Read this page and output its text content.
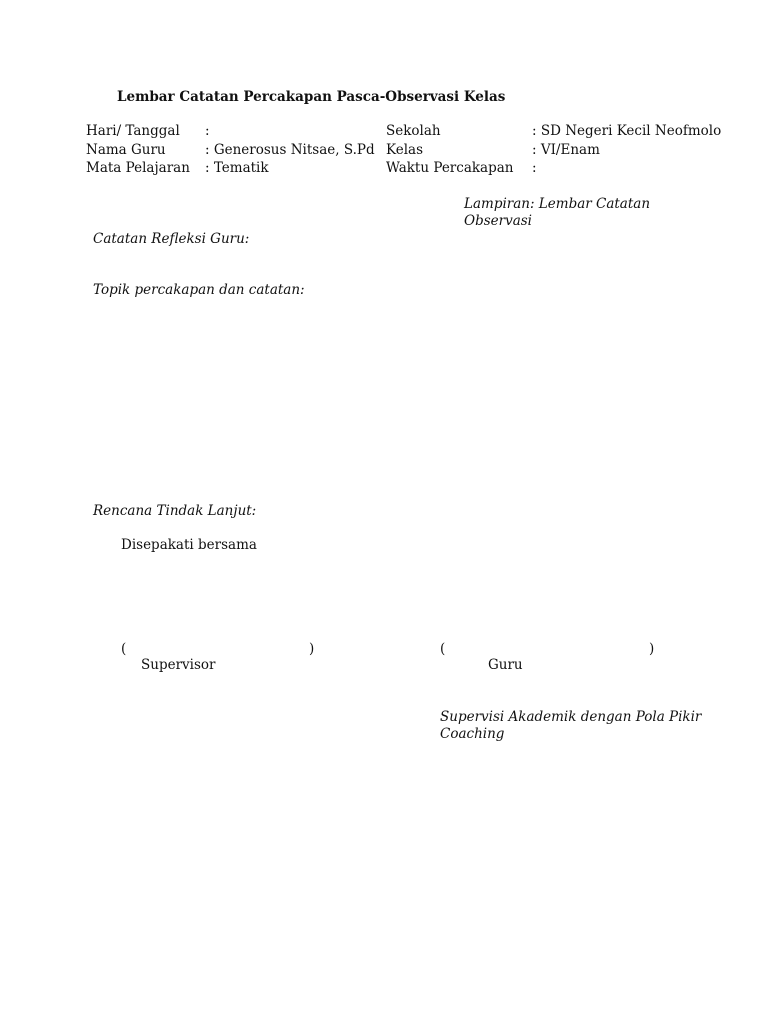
Lembar Catatan Percakapan Pasca-Observasi Kelas
Hari/ Tanggal :
Nama Guru	: Generosus Nitsae, S.Pd
Mata Pelajaran : Tematik
Sekolah	: SD Negeri Kecil Neofmolo
Kelas	: VI/Enam
Waktu Percakapan :
Lampiran: Lembar Catatan
Observasi
Catatan Refleksi Guru:
Topik percakapan dan catatan:
Rencana Tindak Lanjut:
Disepakati bersama
(	)
Supervisor
(	)
Guru
Supervisi Akademik dengan Pola Pikir
Coaching
